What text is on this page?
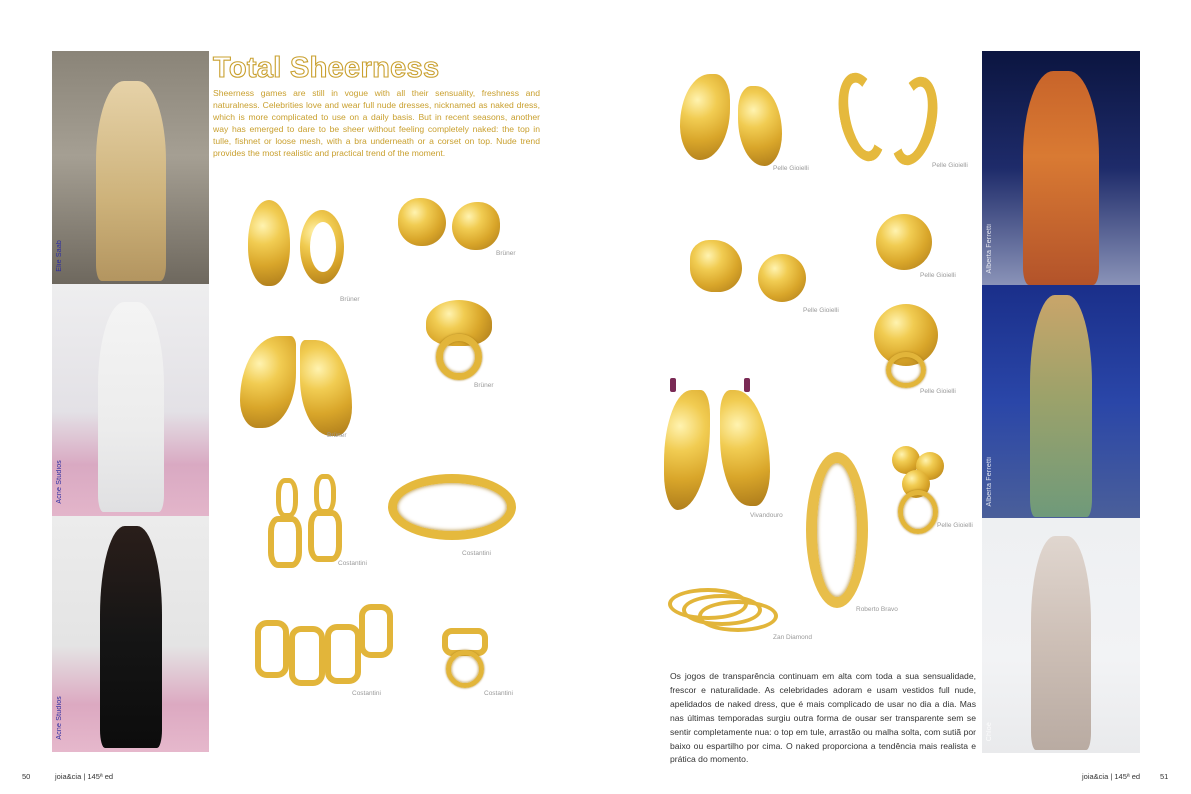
Elie Saab
Acne Studios
Acne Studios
Alberta Ferretti
Alberta Ferretti
Chloé
Total Sheerness

Sheerness games are still in vogue with all their sensuality, freshness and naturalness. Celebrities love and wear full nude dresses, nicknamed as naked dress, which is more complicated to use on a daily basis. But in recent seasons, another way has emerged to dare to be sheer without feeling completely naked: the top in tulle, fishnet or loose mesh, with a bra underneath or a corset on top. Nude trend provides the most realistic and practical trend of the moment.

Os jogos de transparência continuam em alta com toda a sua sensualidade, frescor e naturalidade. As celebridades adoram e usam vestidos full nude, apelidados de naked dress, que é mais complicado de usar no dia a dia. Mas nas últimas temporadas surgiu outra forma de ousar ser transparente sem se sentir completamente nua: o top em tule, arrastão ou malha solta, com sutiã por baixo ou espartilho por cima. O naked proporciona a tendência mais realista e prática do momento.

Brüner
Brüner
Brüner
Brüner
Costantini
Costantini
Costantini	Costantini
Pelle Gioielli	Pelle Gioielli
Pelle Gioielli
Pelle Gioielli
Pelle Gioielli
Pelle Gioielli
Vivandouro
Roberto Bravo
Zan Diamond
50	joia&cia | 145ª ed	joia&cia | 145ª ed	51
